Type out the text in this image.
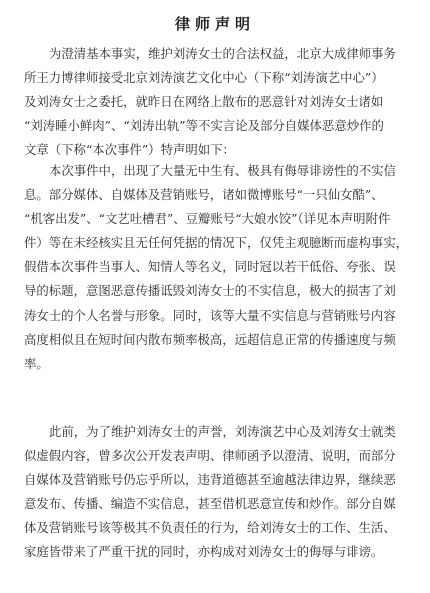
律师声明
为澄清基本事实，维护刘涛女士的合法权益，北京大成律师事务
所王力博律师接受北京刘涛演艺文化中心（下称“刘涛演艺中心”）
及刘涛女士之委托，就昨日在网络上散布的恶意针对刘涛女士诸如
“刘涛睡小鲜肉”、“刘涛出轨”等不实言论及部分自媒体恶意炒作的
文章（下称“本次事件”）特声明如下：
本次事件中，出现了大量无中生有、极具有侮辱诽谤性的不实信
息。部分媒体、自媒体及营销账号，诸如微博账号“一只仙女酷”、
“机客出发”、“文艺吐槽君”、豆瓣账号“大娘水饺”（详见本声明附件
件）等在未经核实且无任何凭据的情况下，仅凭主观臆断而虚构事实，
假借本次事件当事人、知情人等名义，同时冠以若干低俗、夸张、误
导的标题，意图恶意传播诋毁刘涛女士的不实信息，极大的损害了刘
涛女士的个人名誉与形象。同时，该等大量不实信息与营销账号内容
高度相似且在短时间内散布频率极高，远超信息正常的传播速度与频
率。
此前，为了维护刘涛女士的声誉，刘涛演艺中心及刘涛女士就类
似虚假内容，曾多次公开发表声明、律师函予以澄清、说明，而部分
自媒体及营销账号仍忘乎所以，违背道德甚至逾越法律边界，继续恶
意发布、传播、编造不实信息，甚至借机恶意宣传和炒作。部分自媒
体及营销账号该等极其不负责任的行为，给刘涛女士的工作、生活、
家庭皆带来了严重干扰的同时，亦构成对刘涛女士的侮辱与诽谤。
